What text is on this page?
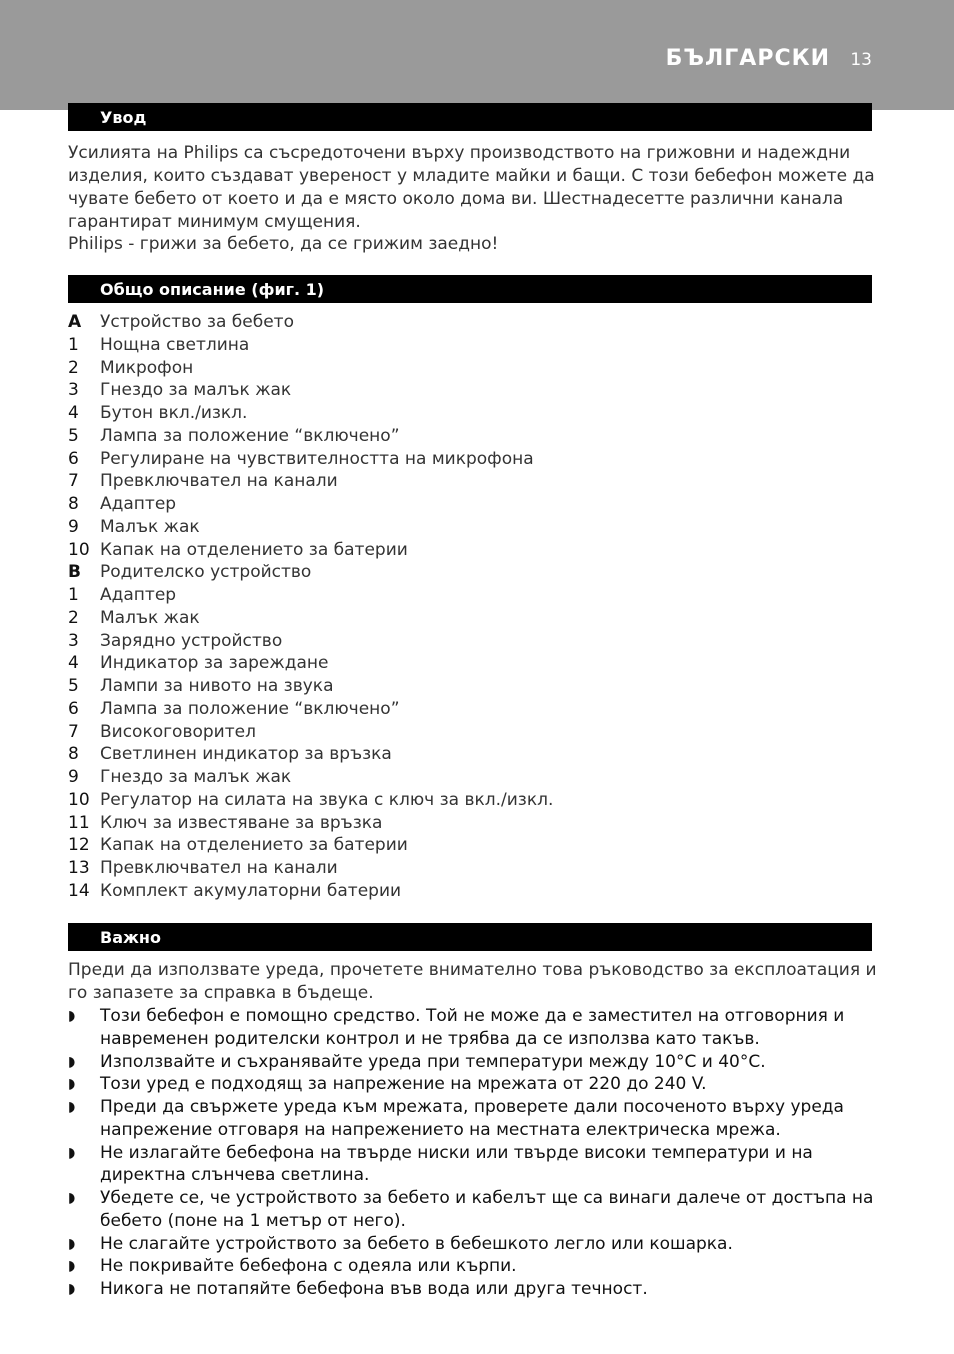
БЪЛГАРСКИ 13
Увод
Усилията на Philips са съсредоточени върху производството на грижовни и надеждни изделия, които създават увереност у младите майки и бащи. С този бебефон можете да чувате бебето от което и да е място около дома ви. Шестнадесетте различни канала гарантират минимум смущения.
Philips - грижи за бебето, да се грижим заедно!
Общо описание (фиг. 1)
A Устройство за бебето
1 Нощна светлина
2 Микрофон
3 Гнездо за малък жак
4 Бутон вкл./изкл.
5 Лампа за положение “включено”
6 Регулиране на чувствителността на микрофона
7 Превключвател на канали
8 Адаптер
9 Малък жак
10 Капак на отделението за батерии
B Родителско устройство
1 Адаптер
2 Малък жак
3 Зарядно устройство
4 Индикатор за зареждане
5 Лампи за нивото на звука
6 Лампа за положение “включено”
7 Високоговорител
8 Светлинен индикатор за връзка
9 Гнездо за малък жак
10 Регулатор на силата на звука с ключ за вкл./изкл.
11 Ключ за известяване за връзка
12 Капак на отделението за батерии
13 Превключвател на канали
14 Комплект акумулаторни батерии
Важно
Преди да използвате уреда, прочетете внимателно това ръководство за експлоатация и го запазете за справка в бъдеще.
◗ Този бебефон е помощно средство. Той не може да е заместител на отговорния и навременен родителски контрол и не трябва да се използва като такъв.
◗ Използвайте и съхранявайте уреда при температури между 10°C и 40°C.
◗ Този уред е подходящ за напрежение на мрежата от 220 до 240 V.
◗ Преди да свържете уреда към мрежата, проверете дали посоченото върху уреда напрежение отговаря на напрежението на местната електрическа мрежа.
◗ Не излагайте бебефона на твърде ниски или твърде високи температури и на директна слънчева светлина.
◗ Убедете се, че устройството за бебето и кабелът ще са винаги далече от достъпа на бебето (поне на 1 метър от него).
◗ Не слагайте устройството за бебето в бебешкото легло или кошарка.
◗ Не покривайте бебефона с одеяла или кърпи.
◗ Никога не потапяйте бебефона във вода или друга течност.
